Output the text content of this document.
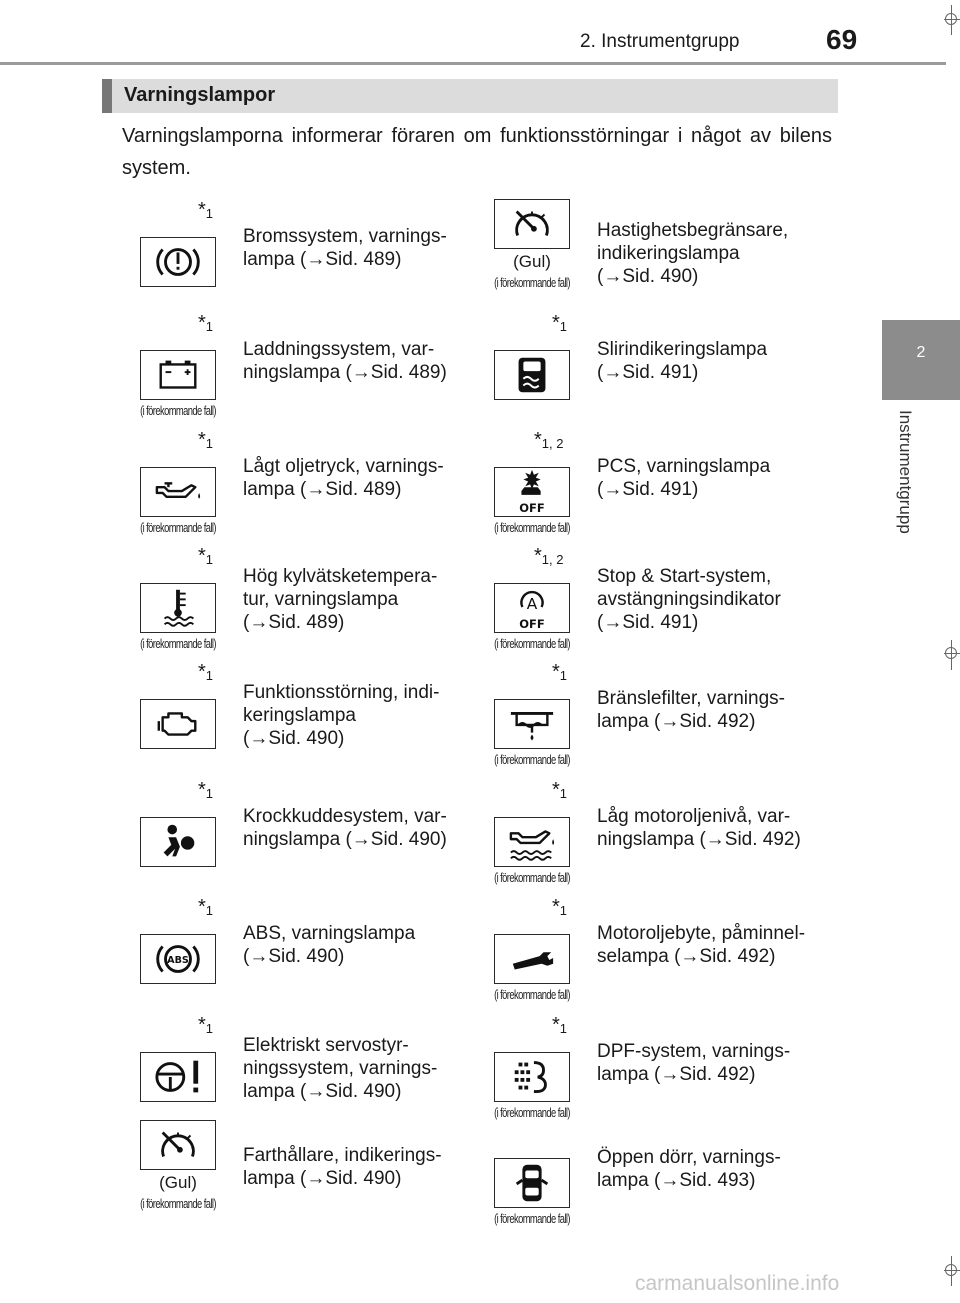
2. Instrumentgrupp	69
2
Instrumentgrupp
Varningslampor
Varningslamporna informerar föraren om funktionsstörningar i något av bilens system.
$*_1$
Bromssystem, varnings-
lampa (→Sid. 489)	(Gul)
(i förekommande fall)
Hastighetsbegränsare,
indikeringslampa
(→Sid. 490)
$*_1$
(i förekommande fall)
Laddningssystem, var-
ningslampa (→Sid. 489)
$*_1$
Slirindikeringslampa
(→Sid. 491)
$*_1$
(i förekommande fall)
Lågt oljetryck, varnings-
lampa (→Sid. 489)
$*_{1, 2}$
(i förekommande fall)
PCS, varningslampa
(→Sid. 491)
$*_1$
(i förekommande fall)
Hög kylvätsketempera-
tur, varningslampa
(→Sid. 489)
$*_{1, 2}$
(i förekommande fall)
Stop & Start-system,
avstängningsindikator
(→Sid. 491)
$*_1$
Funktionsstörning, indi-
keringslampa
(→Sid. 490)
$*_1$
(i förekommande fall)
Bränslefilter, varnings-
lampa (→Sid. 492)
$*_1$
Krockkuddesystem, var-
ningslampa (→Sid. 490)
$*_1$
(i förekommande fall)
Låg motoroljenivå, var-
ningslampa (→Sid. 492)
$*_1$
ABS, varningslampa
(→Sid. 490)
$*_1$
(i förekommande fall)
Motoroljebyte, påminnel-
selampa (→Sid. 492)
$*_1$
Elektriskt servostyr-
ningssystem, varnings-
lampa (→Sid. 490)
$*_1$
(i förekommande fall)
DPF-system, varnings-
lampa (→Sid. 492)
(Gul)
(i förekommande fall)
Farthållare, indikerings-
lampa (→Sid. 490)
(i förekommande fall)
Öppen dörr, varnings-
lampa (→Sid. 493)
carmanualsonline.info
